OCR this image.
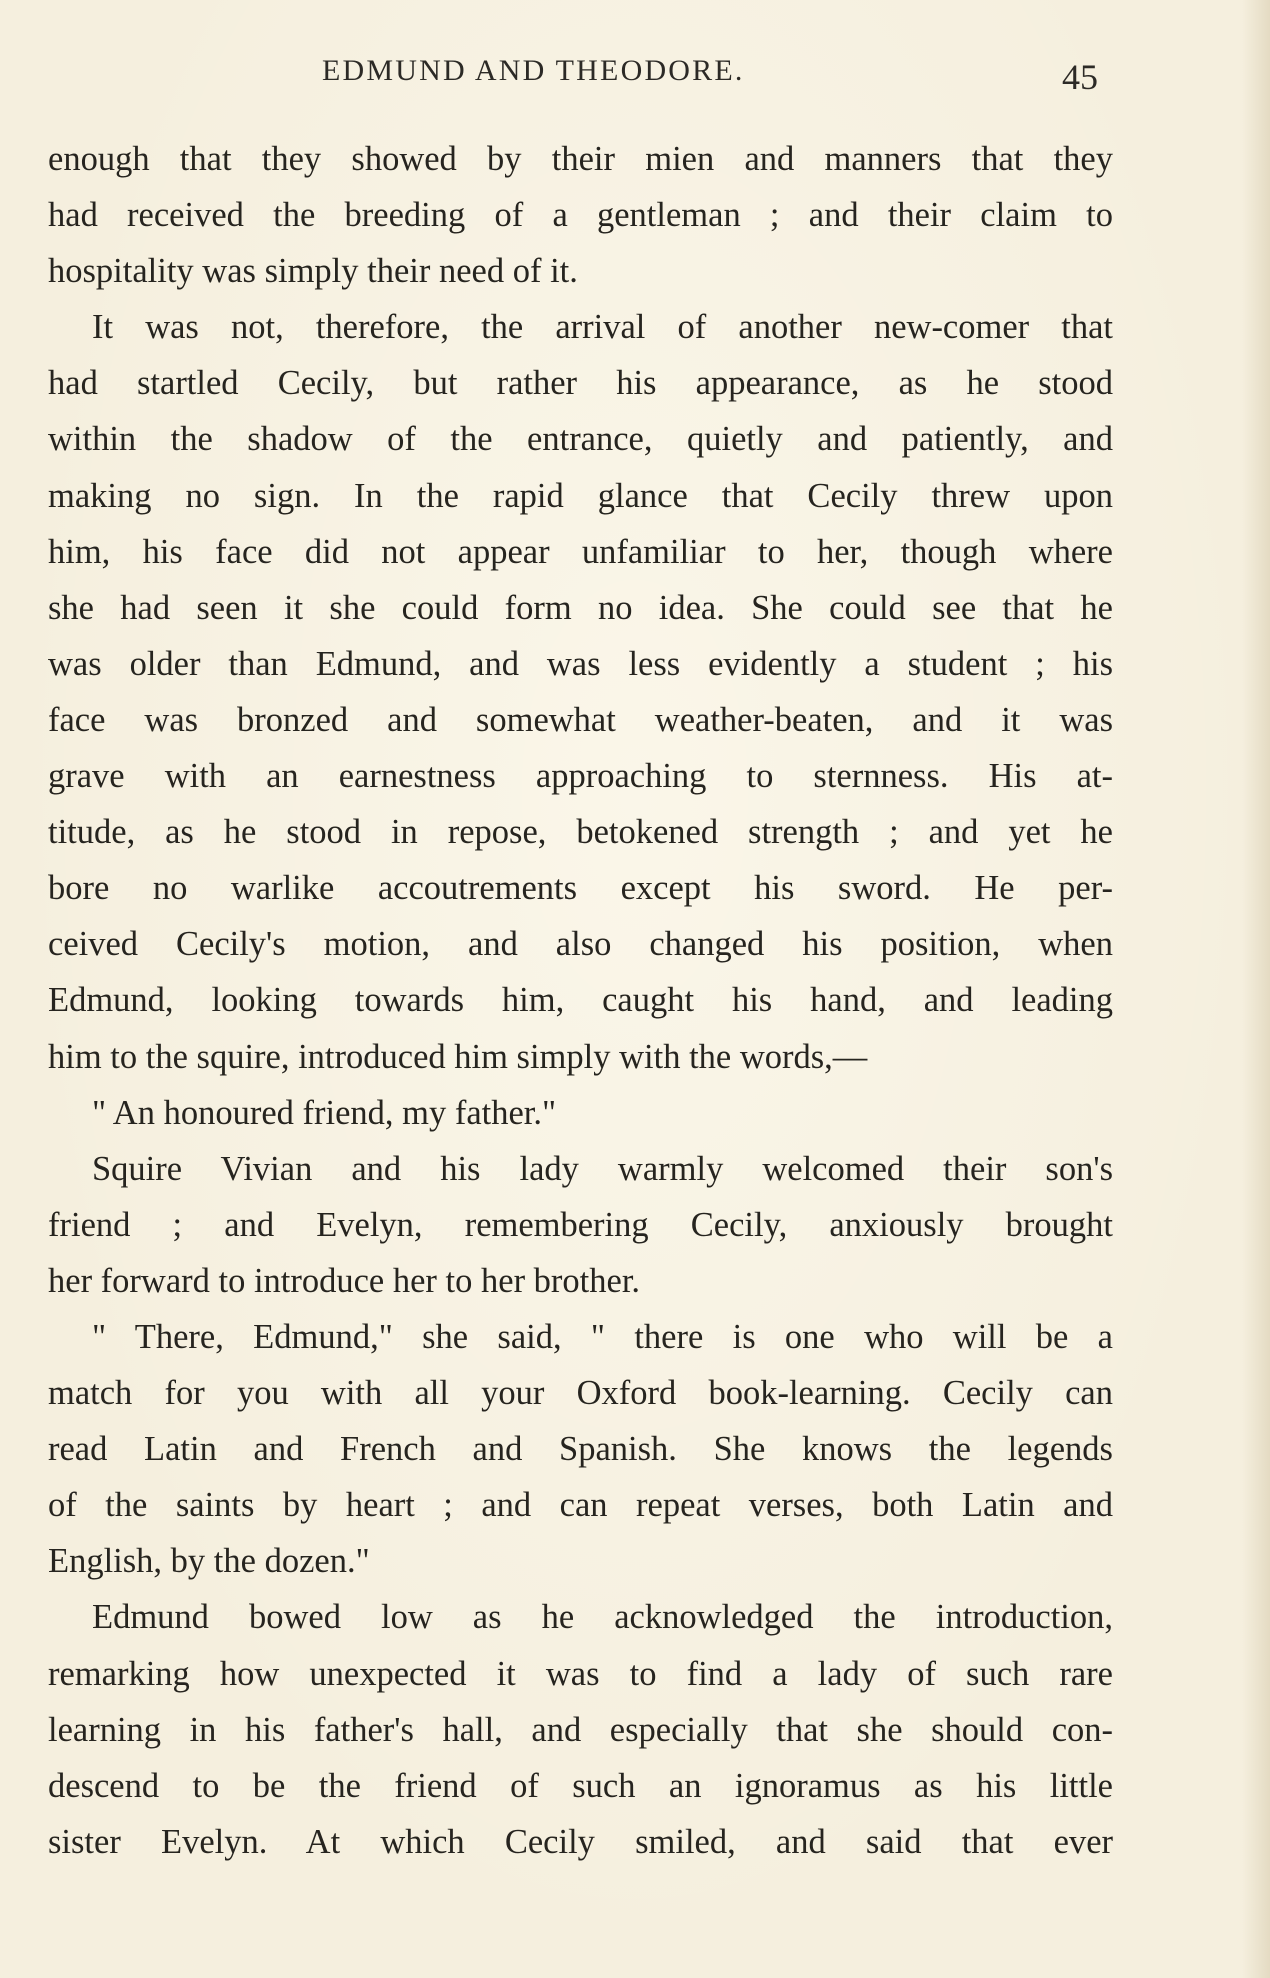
EDMUND AND THEODORE.	45
enough that they showed by their mien and manners that they
had received the breeding of a gentleman ; and their claim to
hospitality was simply their need of it.
It was not, therefore, the arrival of another new-comer that
had startled Cecily, but rather his appearance, as he stood
within the shadow of the entrance, quietly and patiently, and
making no sign. In the rapid glance that Cecily threw upon
him, his face did not appear unfamiliar to her, though where
she had seen it she could form no idea. She could see that he
was older than Edmund, and was less evidently a student ; his
face was bronzed and somewhat weather-beaten, and it was
grave with an earnestness approaching to sternness. His at-
titude, as he stood in repose, betokened strength ; and yet he
bore no warlike accoutrements except his sword. He per-
ceived Cecily's motion, and also changed his position, when
Edmund, looking towards him, caught his hand, and leading
him to the squire, introduced him simply with the words,—
" An honoured friend, my father."
Squire Vivian and his lady warmly welcomed their son's
friend ; and Evelyn, remembering Cecily, anxiously brought
her forward to introduce her to her brother.
" There, Edmund," she said, " there is one who will be a
match for you with all your Oxford book-learning. Cecily can
read Latin and French and Spanish. She knows the legends
of the saints by heart ; and can repeat verses, both Latin and
English, by the dozen."
Edmund bowed low as he acknowledged the introduction,
remarking how unexpected it was to find a lady of such rare
learning in his father's hall, and especially that she should con-
descend to be the friend of such an ignoramus as his little
sister Evelyn. At which Cecily smiled, and said that ever
